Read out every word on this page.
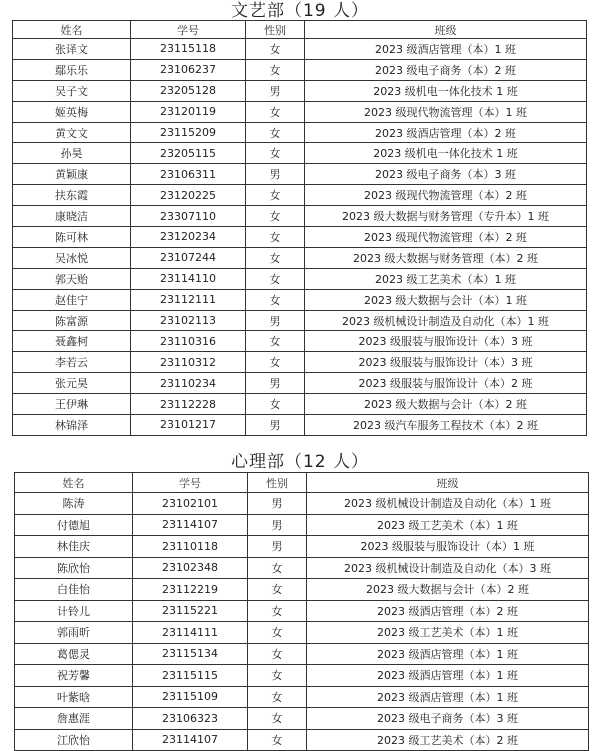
文艺部（19 人）
姓名	学号	性别	班级
张译文	23115118	女	2023 级酒店管理（本）1 班
鄢乐乐	23106237	女	2023 级电子商务（本）2 班
吴子文	23205128	男	2023 级机电一体化技术 1 班
姬英梅	23120119	女	2023 级现代物流管理（本）1 班
黄文文	23115209	女	2023 级酒店管理（本）2 班
孙昊	23205115	女	2023 级机电一体化技术 1 班
黄颖康	23106311	男	2023 级电子商务（本）3 班
扶东霞	23120225	女	2023 级现代物流管理（本）2 班
康晓洁	23307110	女	2023 级大数据与财务管理（专升本）1 班
陈可林	23120234	女	2023 级现代物流管理（本）2 班
吴冰悦	23107244	女	2023 级大数据与财务管理（本）2 班
郭天贻	23114110	女	2023 级工艺美术（本）1 班
赵佳宁	23112111	女	2023 级大数据与会计（本）1 班
陈富源	23102113	男	2023 级机械设计制造及自动化（本）1 班
聂鑫柯	23110316	女	2023 级服装与服饰设计（本）3 班
李若云	23110312	女	2023 级服装与服饰设计（本）3 班
张元昊	23110234	男	2023 级服装与服饰设计（本）2 班
王伊琳	23112228	女	2023 级大数据与会计（本）2 班
林锦泽	23101217	男	2023 级汽车服务工程技术（本）2 班
心理部（12 人）
姓名	学号	性别	班级
陈涛	23102101	男	2023 级机械设计制造及自动化（本）1 班
付德旭	23114107	男	2023 级工艺美术（本）1 班
林佳庆	23110118	男	2023 级服装与服饰设计（本）1 班
陈欣怡	23102348	女	2023 级机械设计制造及自动化（本）3 班
白佳怡	23112219	女	2023 级大数据与会计（本）2 班
计铃儿	23115221	女	2023 级酒店管理（本）2 班
郭雨昕	23114111	女	2023 级工艺美术（本）1 班
葛偲灵	23115134	女	2023 级酒店管理（本）1 班
祝芳馨	23115115	女	2023 级酒店管理（本）1 班
叶紫晗	23115109	女	2023 级酒店管理（本）1 班
詹惠涯	23106323	女	2023 级电子商务（本）3 班
江欣怡	23114107	女	2023 级工艺美术（本）2 班
